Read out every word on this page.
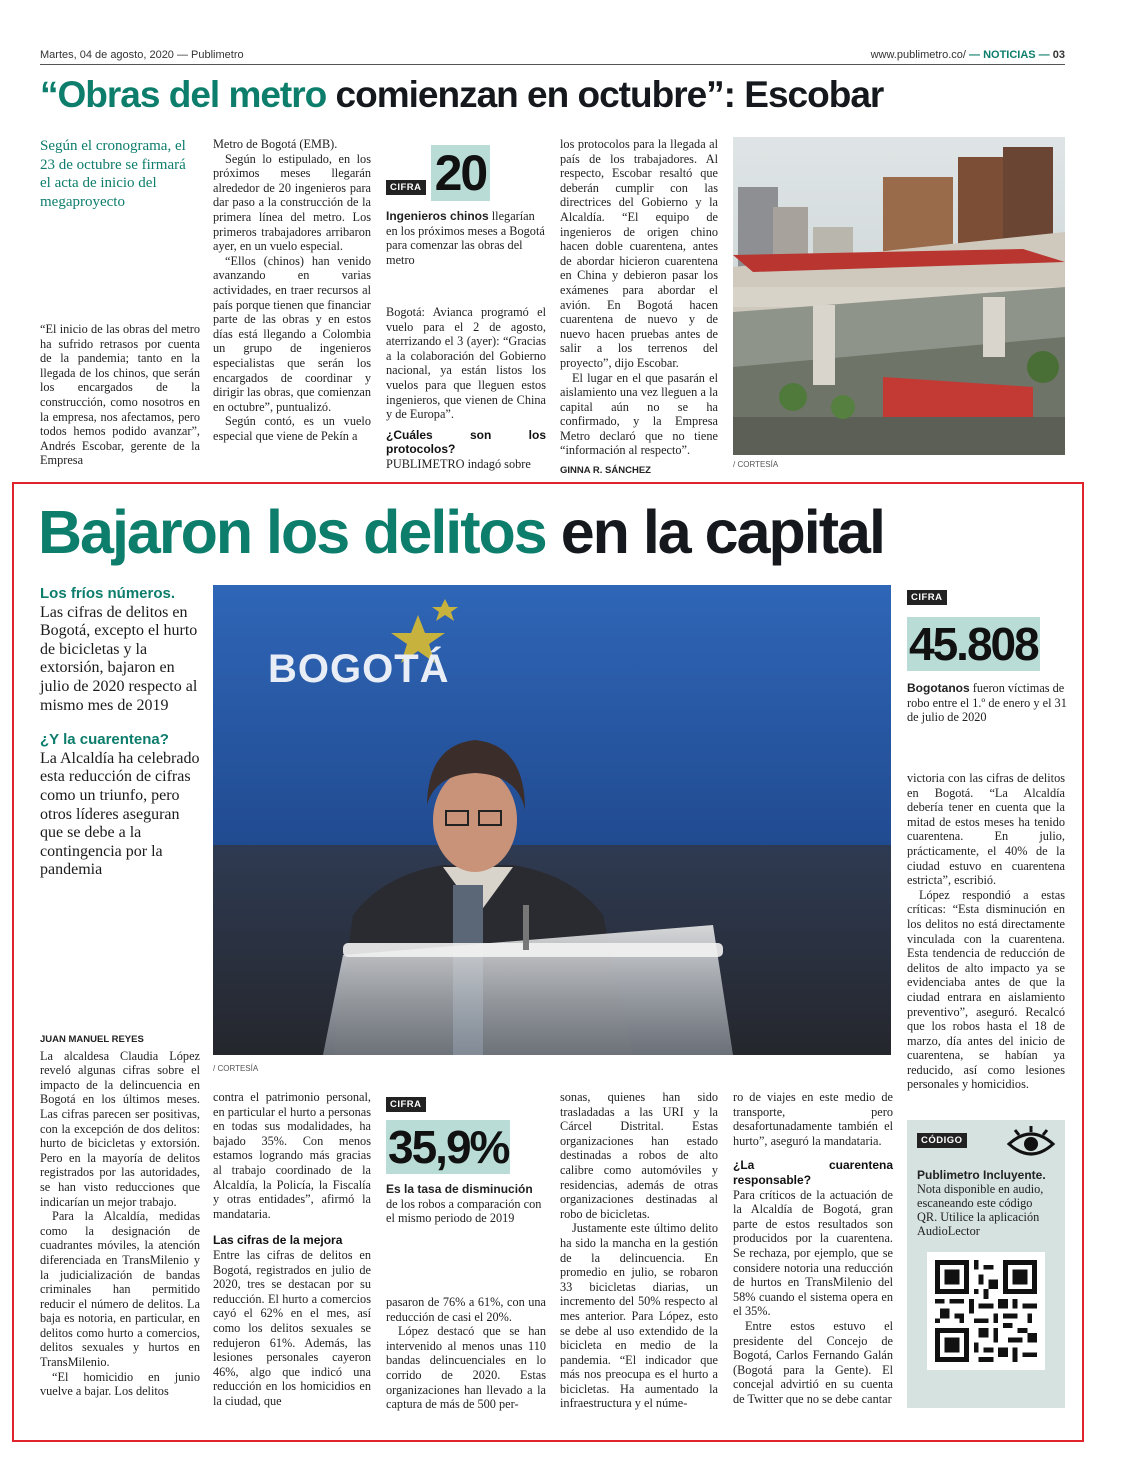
Martes, 04 de agosto, 2020 — Publimetro	www.publimetro.co/ — NOTICIAS — 03
“Obras del metro comienzan en octubre”: Escobar
Según el cronograma, el 23 de octubre se firmará el acta de inicio del megaproyecto

“El inicio de las obras del metro ha sufrido retrasos por cuenta de la pandemia; tanto en la llegada de los chinos, que serán los encargados de la construcción, como nosotros en la empresa, nos afectamos, pero todos hemos podido avanzar”, Andrés Escobar, gerente de la Empresa

Metro de Bogotá (EMB).

Según lo estipulado, en los próximos meses llegarán alrededor de 20 ingenieros para dar paso a la construcción de la primera línea del metro. Los primeros trabajadores arribaron ayer, en un vuelo especial.

“Ellos (chinos) han venido avanzando en varias actividades, en traer recursos al país porque tienen que financiar parte de las obras y en estos días está llegando a Colombia un grupo de ingenieros especialistas que serán los encargados de coordinar y dirigir las obras, que comienzan en octubre”, puntualizó.

Según contó, es un vuelo especial que viene de Pekín a

CIFRA 20
Ingenieros chinos llegarían en los próximos meses a Bogotá para comenzar las obras del metro

Bogotá: Avianca programó el vuelo para el 2 de agosto, aterrizando el 3 (ayer): “Gracias a la colaboración del Gobierno nacional, ya están listos los vuelos para que lleguen estos ingenieros, que vienen de China y de Europa”.

¿Cuáles son los protocolos?

PUBLIMETRO indagó sobre

los protocolos para la llegada al país de los trabajadores. Al respecto, Escobar resaltó que deberán cumplir con las directrices del Gobierno y la Alcaldía. “El equipo de ingenieros de origen chino hacen doble cuarentena, antes de abordar hicieron cuarentena en China y debieron pasar los exámenes para abordar el avión. En Bogotá hacen cuarentena de nuevo y de nuevo hacen pruebas antes de salir a los terrenos del proyecto”, dijo Escobar.

El lugar en el que pasarán el aislamiento una vez lleguen a la capital aún no se ha confirmado, y la Empresa Metro declaró que no tiene “información al respecto”.

GINNA R. SÁNCHEZ
/ CORTESÍA
Bajaron los delitos en la capital
Los fríos números.
Las cifras de delitos en Bogotá, excepto el hurto de bicicletas y la extorsión, bajaron en julio de 2020 respecto al mismo mes de 2019
¿Y la cuarentena?
La Alcaldía ha celebrado esta reducción de cifras como un triunfo, pero otros líderes aseguran que se debe a la contingencia por la pandemia
BOGOTÁ
/ CORTESÍA
CIFRA 45.808
Bogotanos fueron víctimas de robo entre el 1.º de enero y el 31 de julio de 2020

victoria con las cifras de delitos en Bogotá. “La Alcaldía debería tener en cuenta que la mitad de estos meses ha tenido cuarentena. En julio, prácticamente, el 40% de la ciudad estuvo en cuarentena estricta”, escribió.

López respondió a estas críticas: “Esta disminución en los delitos no está directamente vinculada con la cuarentena. Esta tendencia de reducción de delitos de alto impacto ya se evidenciaba antes de que la ciudad entrara en aislamiento preventivo”, aseguró. Recalcó que los robos hasta el 18 de marzo, día antes del inicio de cuarentena, se habían ya reducido, así como lesiones personales y homicidios.

JUAN MANUEL REYES

La alcaldesa Claudia López reveló algunas cifras sobre el impacto de la delincuencia en Bogotá en los últimos meses. Las cifras parecen ser positivas, con la excepción de dos delitos: hurto de bicicletas y extorsión. Pero en la mayoría de delitos registrados por las autoridades, se han visto reducciones que indicarían un mejor trabajo.

Para la Alcaldía, medidas como la designación de cuadrantes móviles, la atención diferenciada en TransMilenio y la judicialización de bandas criminales han permitido reducir el número de delitos. La baja es notoria, en particular, en delitos como hurto a comercios, delitos sexuales y hurtos en TransMilenio.

“El homicidio en junio vuelve a bajar. Los delitos

contra el patrimonio personal, en particular el hurto a personas en todas sus modalidades, ha bajado 35%. Con menos estamos logrando más gracias al trabajo coordinado de la Alcaldía, la Policía, la Fiscalía y otras entidades”, afirmó la mandataria.

Las cifras de la mejora

Entre las cifras de delitos en Bogotá, registrados en julio de 2020, tres se destacan por su reducción. El hurto a comercios cayó el 62% en el mes, así como los delitos sexuales se redujeron 61%. Además, las lesiones personales cayeron 46%, algo que indicó una reducción en los homicidios en la ciudad, que

CIFRA 35,9%
Es la tasa de disminución de los robos a comparación con el mismo periodo de 2019

pasaron de 76% a 61%, con una reducción de casi el 20%.

López destacó que se han intervenido al menos unas 110 bandas delincuenciales en lo corrido de 2020. Estas organizaciones han llevado a la captura de más de 500 per-

sonas, quienes han sido trasladadas a las URI y la Cárcel Distrital. Estas organizaciones han estado destinadas a robos de alto calibre como automóviles y residencias, además de otras organizaciones destinadas al robo de bicicletas.

Justamente este último delito ha sido la mancha en la gestión de la delincuencia. En promedio en julio, se robaron 33 bicicletas diarias, un incremento del 50% respecto al mes anterior. Para López, esto se debe al uso extendido de la bicicleta en medio de la pandemia. “El indicador que más nos preocupa es el hurto a bicicletas. Ha aumentado la infraestructura y el núme-

ro de viajes en este medio de transporte, pero desafortunadamente también el hurto”, aseguró la mandataria.

¿La cuarentena responsable?

Para críticos de la actuación de la Alcaldía de Bogotá, gran parte de estos resultados son producidos por la cuarentena. Se rechaza, por ejemplo, que se considere notoria una reducción de hurtos en TransMilenio del 58% cuando el sistema opera en el 35%.

Entre estos estuvo el presidente del Concejo de Bogotá, Carlos Fernando Galán (Bogotá para la Gente). El concejal advirtió en su cuenta de Twitter que no se debe cantar

CÓDIGO
Publimetro Incluyente. Nota disponible en audio, escaneando este código QR. Utilice la aplicación AudioLector
